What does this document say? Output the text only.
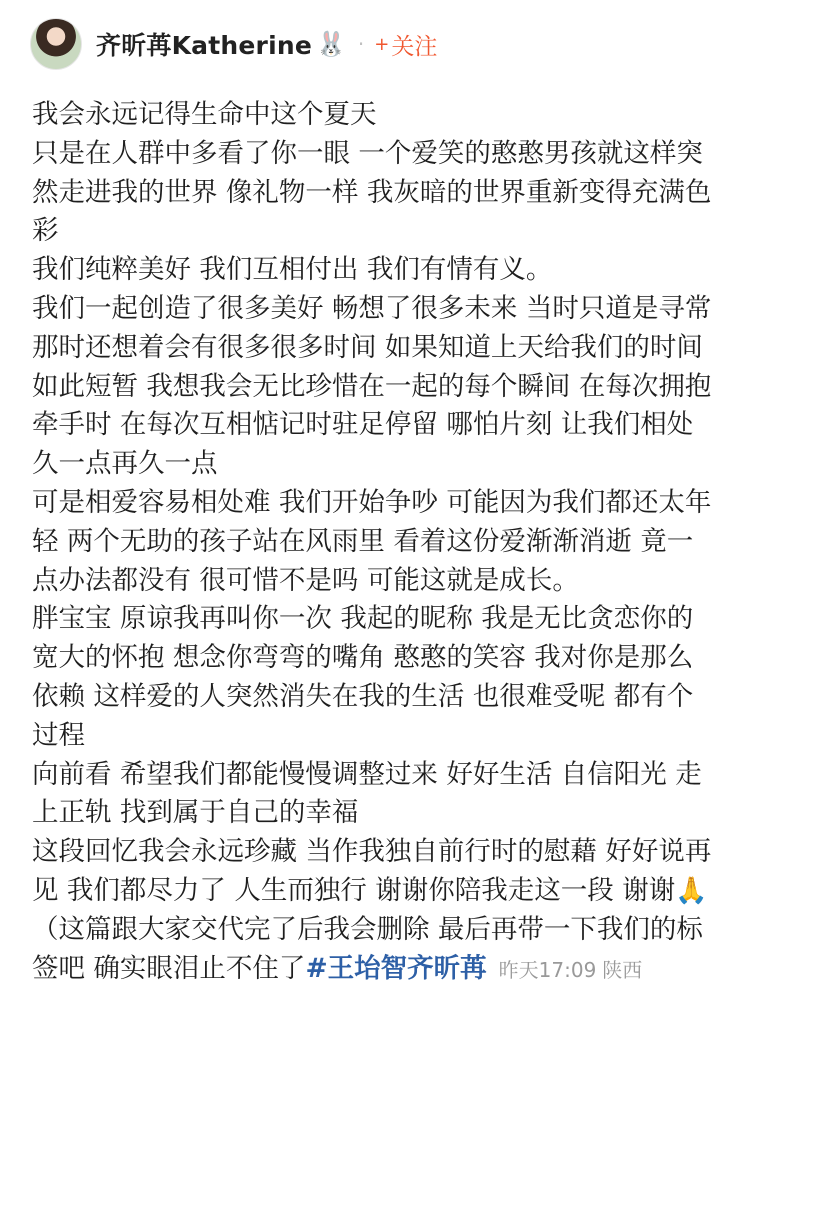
齐昕苒Katherine 🐰 · + 关注

我会永远记得生命中这个夏天

只是在人群中多看了你一眼 一个爱笑的憨憨男孩就这样突

然走进我的世界 像礼物一样 我灰暗的世界重新变得充满色

彩

我们纯粹美好 我们互相付出 我们有情有义。

我们一起创造了很多美好 畅想了很多未来 当时只道是寻常

那时还想着会有很多很多时间 如果知道上天给我们的时间

如此短暂 我想我会无比珍惜在一起的每个瞬间 在每次拥抱

牵手时 在每次互相惦记时驻足停留 哪怕片刻 让我们相处

久一点再久一点

可是相爱容易相处难 我们开始争吵 可能因为我们都还太年

轻 两个无助的孩子站在风雨里 看着这份爱渐渐消逝 竟一

点办法都没有 很可惜不是吗 可能这就是成长。

胖宝宝 原谅我再叫你一次 我起的昵称 我是无比贪恋你的

宽大的怀抱 想念你弯弯的嘴角 憨憨的笑容 我对你是那么

依赖 这样爱的人突然消失在我的生活 也很难受呢 都有个

过程

向前看 希望我们都能慢慢调整过来 好好生活 自信阳光 走

上正轨 找到属于自己的幸福

这段回忆我会永远珍藏 当作我独自前行时的慰藉 好好说再

见 我们都尽力了 人生而独行 谢谢你陪我走这一段 谢谢🙏

（这篇跟大家交代完了后我会删除 最后再带一下我们的标

签吧 确实眼泪止不住了#王坮智齐昕苒 昨天17:09 陕西
